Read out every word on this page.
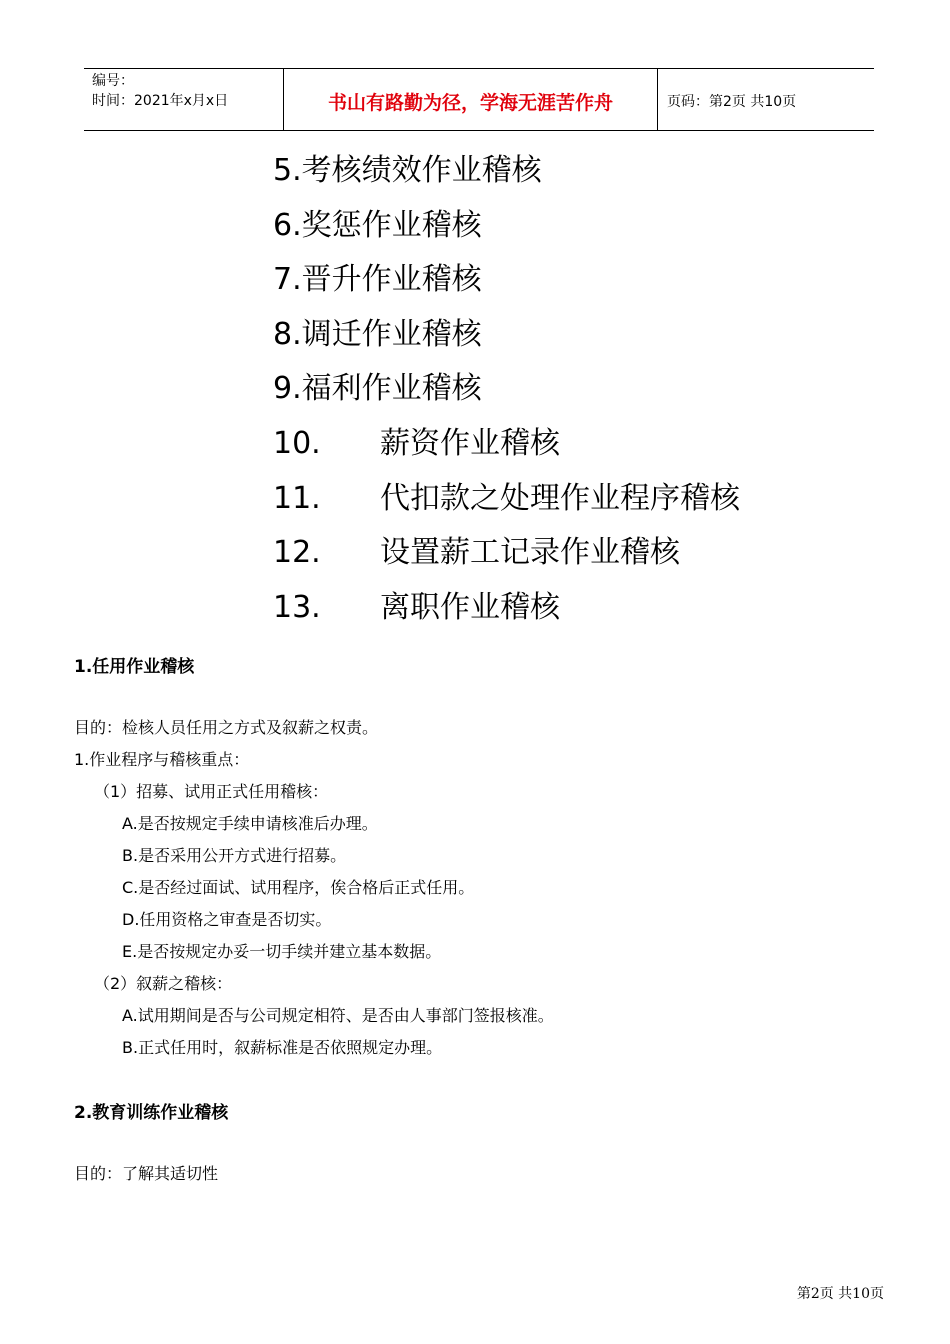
编号：
时间：2021年x月x日	书山有路勤为径，学海无涯苦作舟	页码：第2页 共10页
5.考核绩效作业稽核
6.奖惩作业稽核
7.晋升作业稽核
8.调迁作业稽核
9.福利作业稽核
10. 薪资作业稽核
11. 代扣款之处理作业程序稽核
12. 设置薪工记录作业稽核
13. 离职作业稽核
1.任用作业稽核
目的：检核人员任用之方式及叙薪之权责。
1.作业程序与稽核重点：
（1）招募、试用正式任用稽核：
A.是否按规定手续申请核准后办理。
B.是否采用公开方式进行招募。
C.是否经过面试、试用程序，俟合格后正式任用。
D.任用资格之审查是否切实。
E.是否按规定办妥一切手续并建立基本数据。
（2）叙薪之稽核：
A.试用期间是否与公司规定相符、是否由人事部门签报核准。
B.正式任用时，叙薪标准是否依照规定办理。
2.教育训练作业稽核
目的：了解其适切性
第2页 共10页
